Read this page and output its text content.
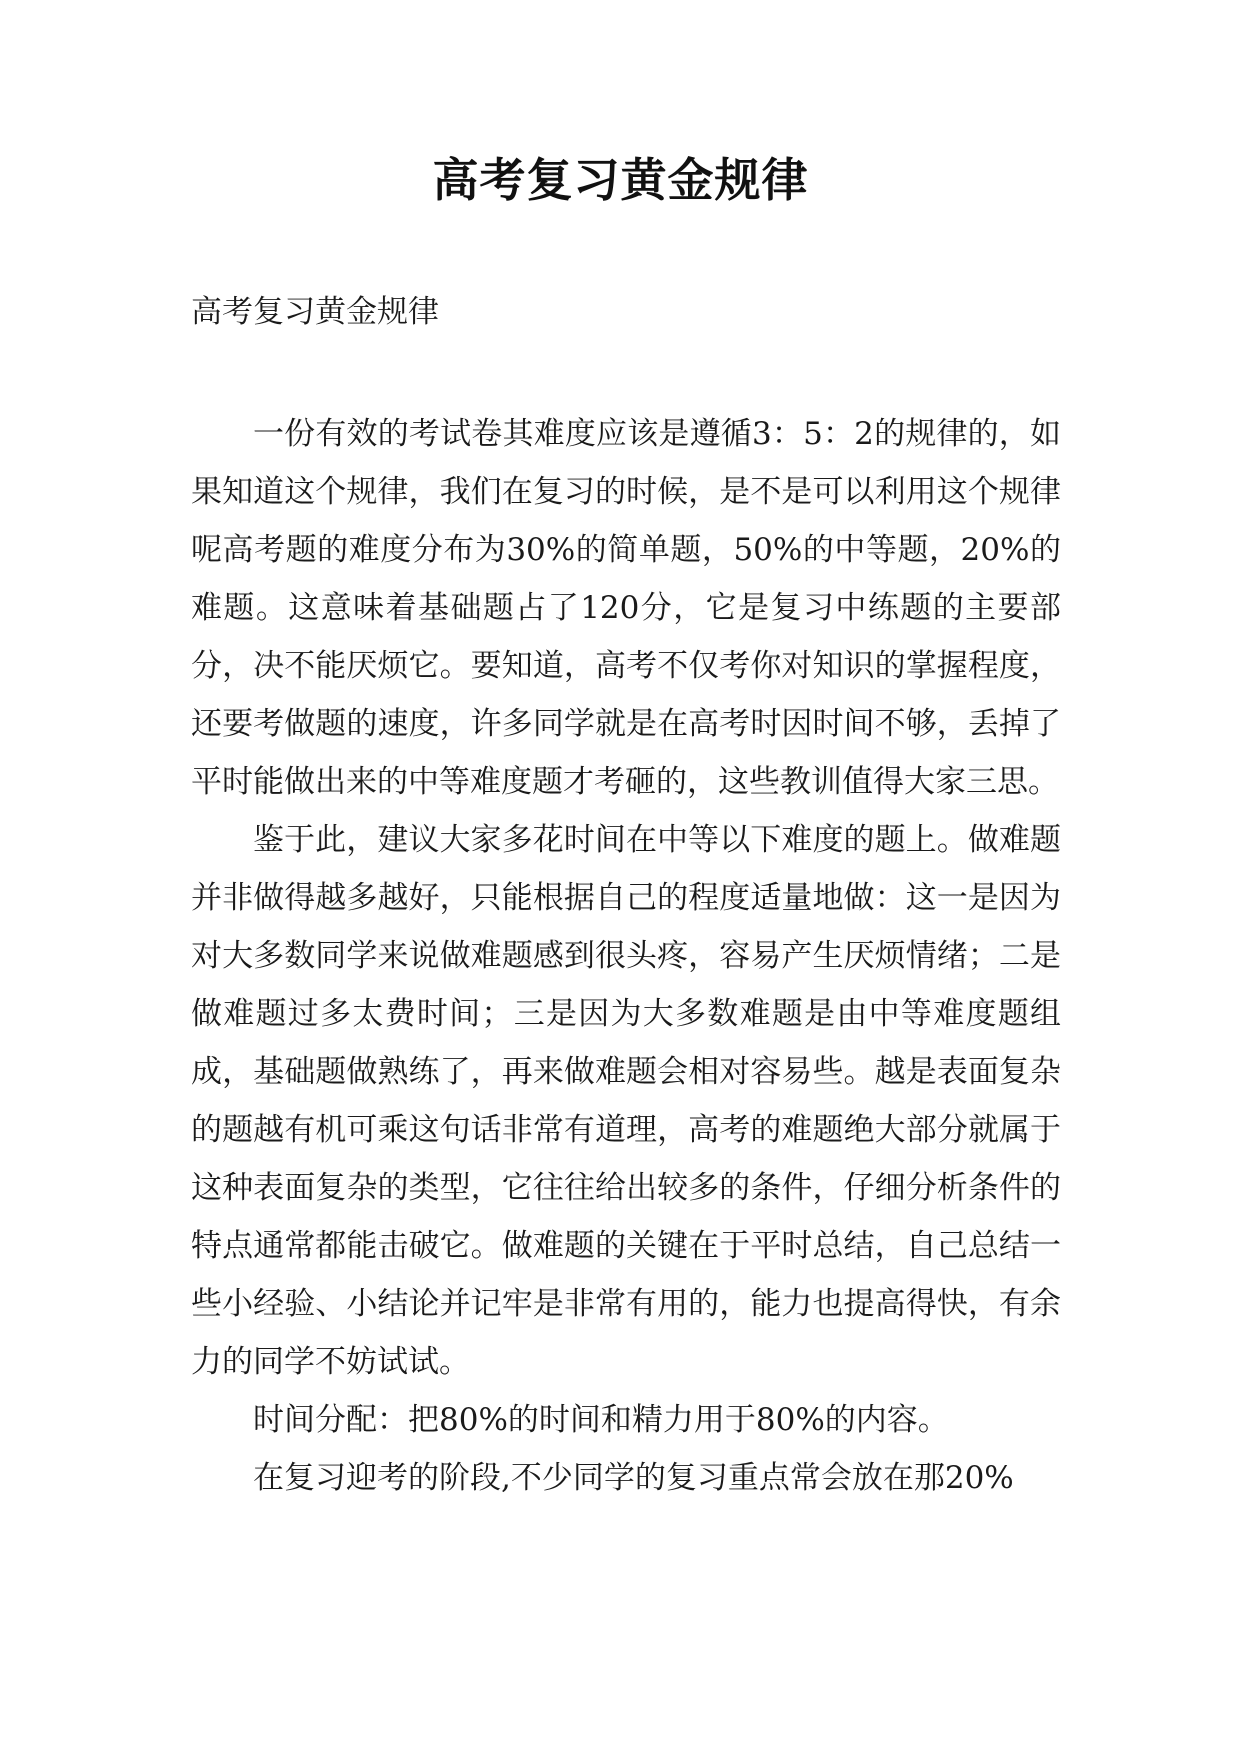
高考复习黄金规律
高考复习黄金规律

一份有效的考试卷其难度应该是遵循3：5：2的规律的，如果知道这个规律，我们在复习的时候，是不是可以利用这个规律呢高考题的难度分布为30%的简单题，50%的中等题，20%的难题。这意味着基础题占了120分，它是复习中练题的主要部分，决不能厌烦它。要知道，高考不仅考你对知识的掌握程度，还要考做题的速度，许多同学就是在高考时因时间不够，丢掉了平时能做出来的中等难度题才考砸的，这些教训值得大家三思。

鉴于此，建议大家多花时间在中等以下难度的题上。做难题并非做得越多越好，只能根据自己的程度适量地做：这一是因为对大多数同学来说做难题感到很头疼，容易产生厌烦情绪；二是做难题过多太费时间；三是因为大多数难题是由中等难度题组成，基础题做熟练了，再来做难题会相对容易些。越是表面复杂的题越有机可乘这句话非常有道理，高考的难题绝大部分就属于这种表面复杂的类型，它往往给出较多的条件，仔细分析条件的特点通常都能击破它。做难题的关键在于平时总结，自己总结一些小经验、小结论并记牢是非常有用的，能力也提高得快，有余力的同学不妨试试。

时间分配：把80%的时间和精力用于80%的内容。

在复习迎考的阶段,不少同学的复习重点常会放在那20%
